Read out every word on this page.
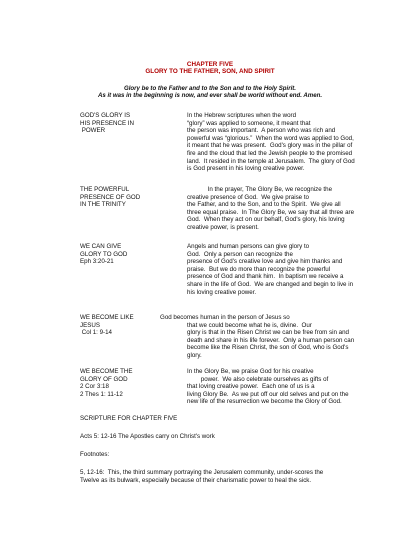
CHAPTER FIVE
GLORY TO THE FATHER, SON, AND SPIRIT
Glory be to the Father and to the Son and to the Holy Spirit.
As it was in the beginning is now, and ever shall be world without end. Amen.
GOD'S GLORY IS
HIS PRESENCE IN
POWER
In the Hebrew scriptures when the word
“glory” was applied to someone, it meant that
the person was important.  A person who was rich and
powerful was “glorious.”  When the word was applied to God,
it meant that he was present.  God's glory was in the pillar of
fire and the cloud that led the Jewish people to the promised
land.  It resided in the temple at Jerusalem.  The glory of God
is God present in his loving creative power.
THE POWERFUL
PRESENCE OF GOD
IN THE TRINITY
In the prayer, The Glory Be, we recognize the
creative presence of God.  We give praise to
the Father, and to the Son, and to the Spirit.  We give all
three equal praise.  In The Glory Be, we say that all three are
God.  When they act on our behalf, God's glory, his loving
creative power, is present.
WE CAN GIVE
GLORY TO GOD
Eph 3:20-21
Angels and human persons can give glory to
God.  Only a person can recognize the
presence of God's creative love and give him thanks and
praise.  But we do more than recognize the powerful
presence of God and thank him.  In baptism we receive a
share in the life of God.  We are changed and begin to live in
his loving creative power.
WE BECOME LIKE
JESUS
Col 1: 9-14
God becomes human in the person of Jesus so
that we could become what he is, divine.  Our
glory is that in the Risen Christ we can be free from sin and
death and share in his life forever.  Only a human person can
become like the Risen Christ, the son of God, who is God's
glory.
WE BECOME THE
GLORY OF GOD
2 Cor 3:18
2 Thes 1: 11-12
In the Glory Be, we praise God for his creative
power.  We also celebrate ourselves as gifts of
that loving creative power.  Each one of us is a
living Glory Be.  As we put off our old selves and put on the
new life of the resurrection we become the Glory of God.
SCRIPTURE FOR CHAPTER FIVE
Acts 5: 12-16 The Apostles carry on Christ's work
Footnotes:
5, 12-16:  This, the third summary portraying the Jerusalem community, under-scores the
Twelve as its bulwark, especially because of their charismatic power to heal the sick.
